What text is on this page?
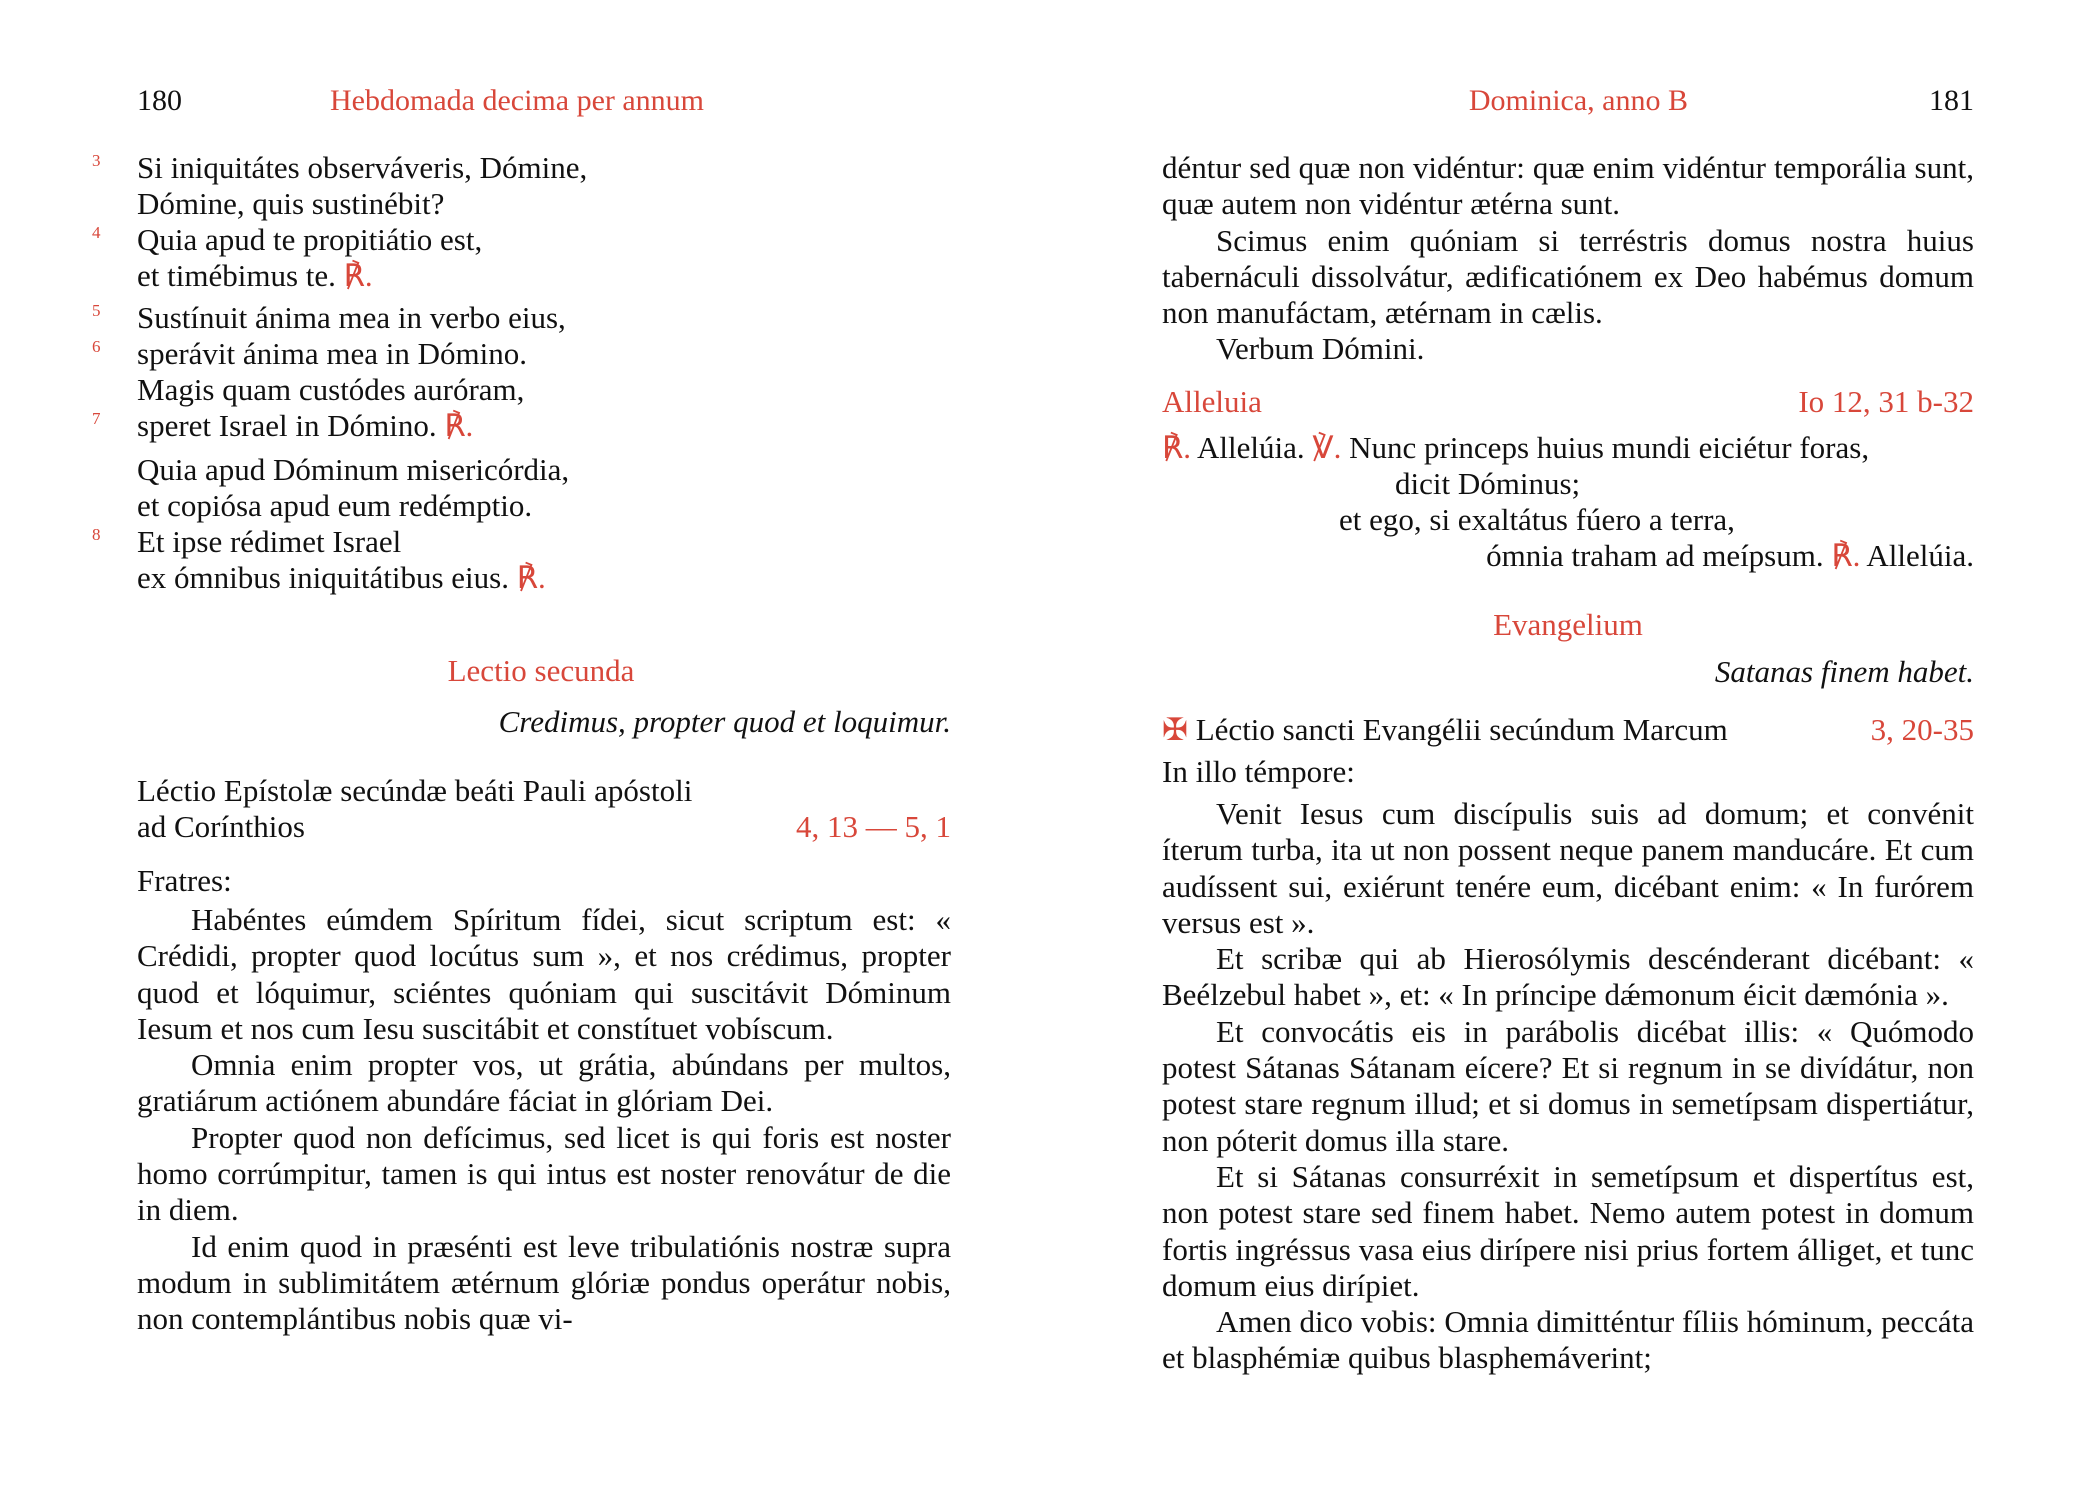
180	Hebdomada decima per annum
3 Si iniquitátes observáveris, Dómine,
Dómine, quis sustinébit?
4 Quia apud te propitiátio est,
et timébimus te. ℟.
5 Sustínuit ánima mea in verbo eius,
6 sperávit ánima mea in Dómino.
Magis quam custódes auróram,
7 speret Israel in Dómino. ℟.
Quia apud Dóminum misericórdia,
et copiósa apud eum redémptio.
8 Et ipse rédimet Israel
ex ómnibus iniquitátibus eius. ℟.
Lectio secunda
Credimus, propter quod et loquimur.
Léctio Epístolæ secúndæ beáti Pauli apóstoli
ad Corínthios	4, 13 — 5, 1
Fratres:

Habéntes eúmdem Spíritum fídei, sicut scriptum est: « Crédidi, propter quod locútus sum », et nos crédimus, propter quod et lóquimur, sciéntes quóniam qui suscitávit Dóminum Iesum et nos cum Iesu suscitábit et constítuet vobíscum.

Omnia enim propter vos, ut grátia, abúndans per multos, gratiárum actiónem abundáre fáciat in glóriam Dei.

Propter quod non defícimus, sed licet is qui foris est noster homo corrúmpitur, tamen is qui intus est noster renovátur de die in diem.

Id enim quod in præsénti est leve tribulatiónis nostræ supra modum in sublimitátem ætérnum glóriæ pondus operátur nobis, non contemplántibus nobis quæ vi-

Dominica, anno B	181

déntur sed quæ non vidéntur: quæ enim vidéntur temporália sunt, quæ autem non vidéntur ætérna sunt.

Scimus enim quóniam si terréstris domus nostra huius tabernáculi dissolvátur, ædificatiónem ex Deo habémus domum non manufáctam, ætérnam in cælis.

Verbum Dómini.

Alleluia	Io 12, 31 b-32
℟. Allelúia. ℣. Nunc princeps huius mundi eiciétur foras,
dicit Dóminus;
et ego, si exaltátus fúero a terra,
ómnia traham ad meípsum. ℟. Allelúia.
Evangelium
Satanas finem habet.
✠ Léctio sancti Evangélii secúndum Marcum	3, 20-35
In illo témpore:

Venit Iesus cum discípulis suis ad domum; et convénit íterum turba, ita ut non possent neque panem manducáre. Et cum audíssent sui, exiérunt tenére eum, dicébant enim: « In furórem versus est ».

Et scribæ qui ab Hierosólymis descénderant dicébant: « Beélzebul habet », et: « In príncipe dǽmonum éicit dæmónia ».

Et convocátis eis in parábolis dicébat illis: « Quómodo potest Sátanas Sátanam eícere? Et si regnum in se divídátur, non potest stare regnum illud; et si domus in semetípsam dispertiátur, non póterit domus illa stare.

Et si Sátanas consurréxit in semetípsum et dispertítus est, non potest stare sed finem habet. Nemo autem potest in domum fortis ingréssus vasa eius dirípere nisi prius fortem álliget, et tunc domum eius dirípiet.

Amen dico vobis: Omnia dimitténtur fíliis hóminum, peccáta et blasphémiæ quibus blasphemáverint;
